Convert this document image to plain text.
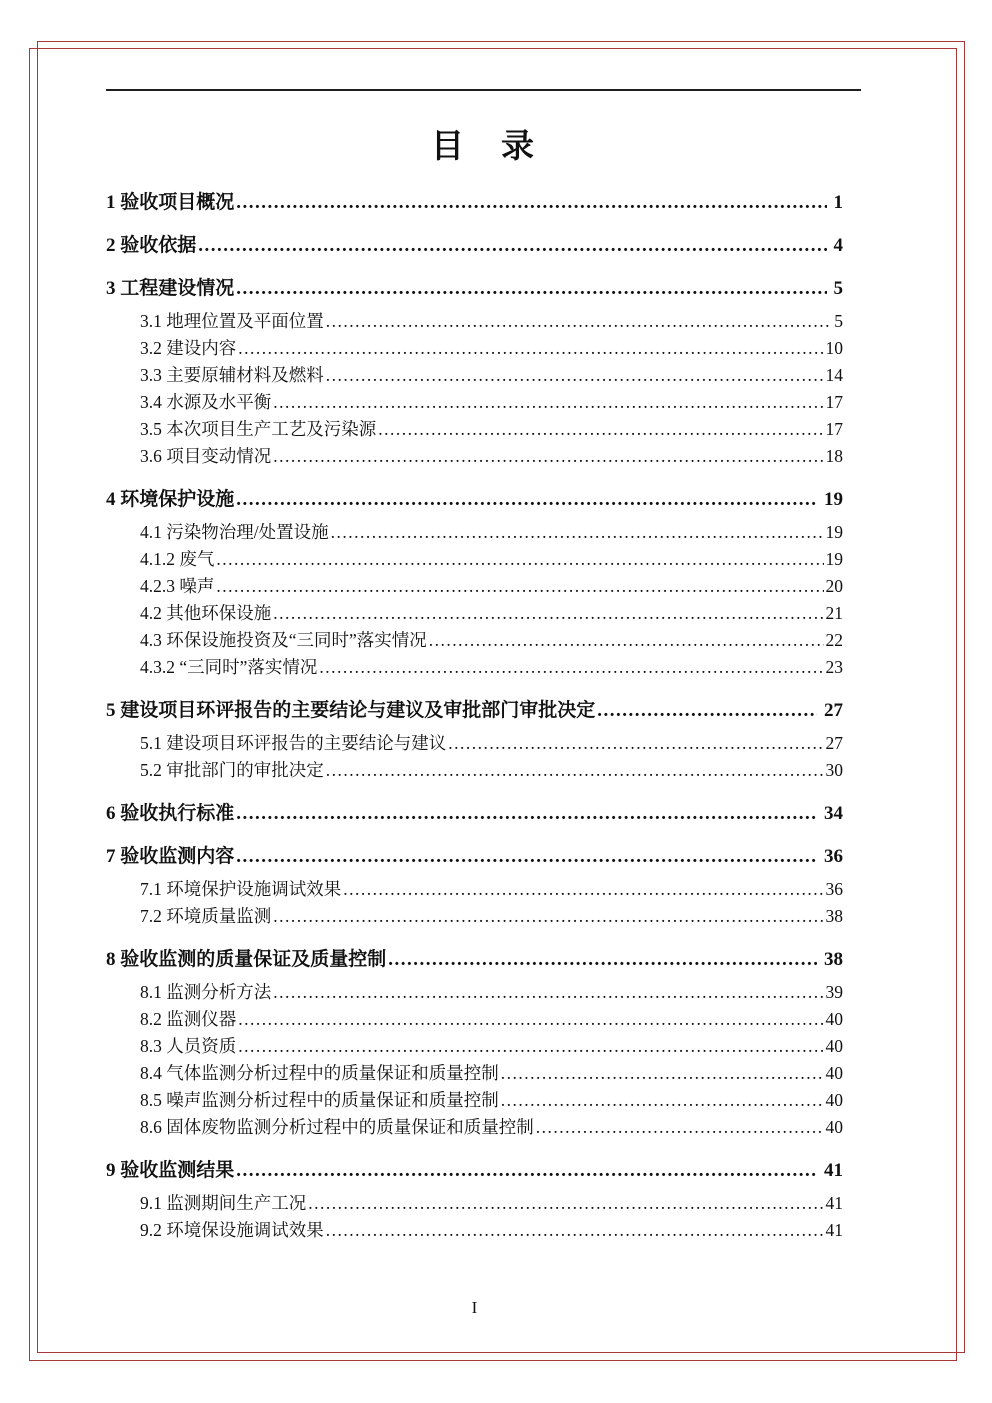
目　录
1 验收项目概况 .....	1
2 验收依据 .....	4
3 工程建设情况 .....	5
3.1 地理位置及平面位置 .....	5
3.2 建设内容 .....	10
3.3 主要原辅材料及燃料 .....	14
3.4 水源及水平衡 .....	17
3.5 本次项目生产工艺及污染源 .....	17
3.6 项目变动情况 .....	18
4 环境保护设施 .....	19
4.1 污染物治理/处置设施 .....	19
4.1.2 废气 .....	19
4.2.3 噪声 .....	20
4.2 其他环保设施 .....	21
4.3 环保设施投资及“三同时”落实情况 .....	22
4.3.2 “三同时”落实情况 .....	23
5 建设项目环评报告的主要结论与建议及审批部门审批决定 .....	27
5.1 建设项目环评报告的主要结论与建议 .....	27
5.2 审批部门的审批决定 .....	30
6 验收执行标准 .....	34
7 验收监测内容 .....	36
7.1 环境保护设施调试效果 .....	36
7.2 环境质量监测 .....	38
8 验收监测的质量保证及质量控制 .....	38
8.1 监测分析方法 .....	39
8.2 监测仪器 .....	40
8.3 人员资质 .....	40
8.4 气体监测分析过程中的质量保证和质量控制 .....	40
8.5 噪声监测分析过程中的质量保证和质量控制 .....	40
8.6 固体废物监测分析过程中的质量保证和质量控制 .....	40
9 验收监测结果 .....	41
9.1 监测期间生产工况 .....	41
9.2 环境保设施调试效果 .....	41
I
